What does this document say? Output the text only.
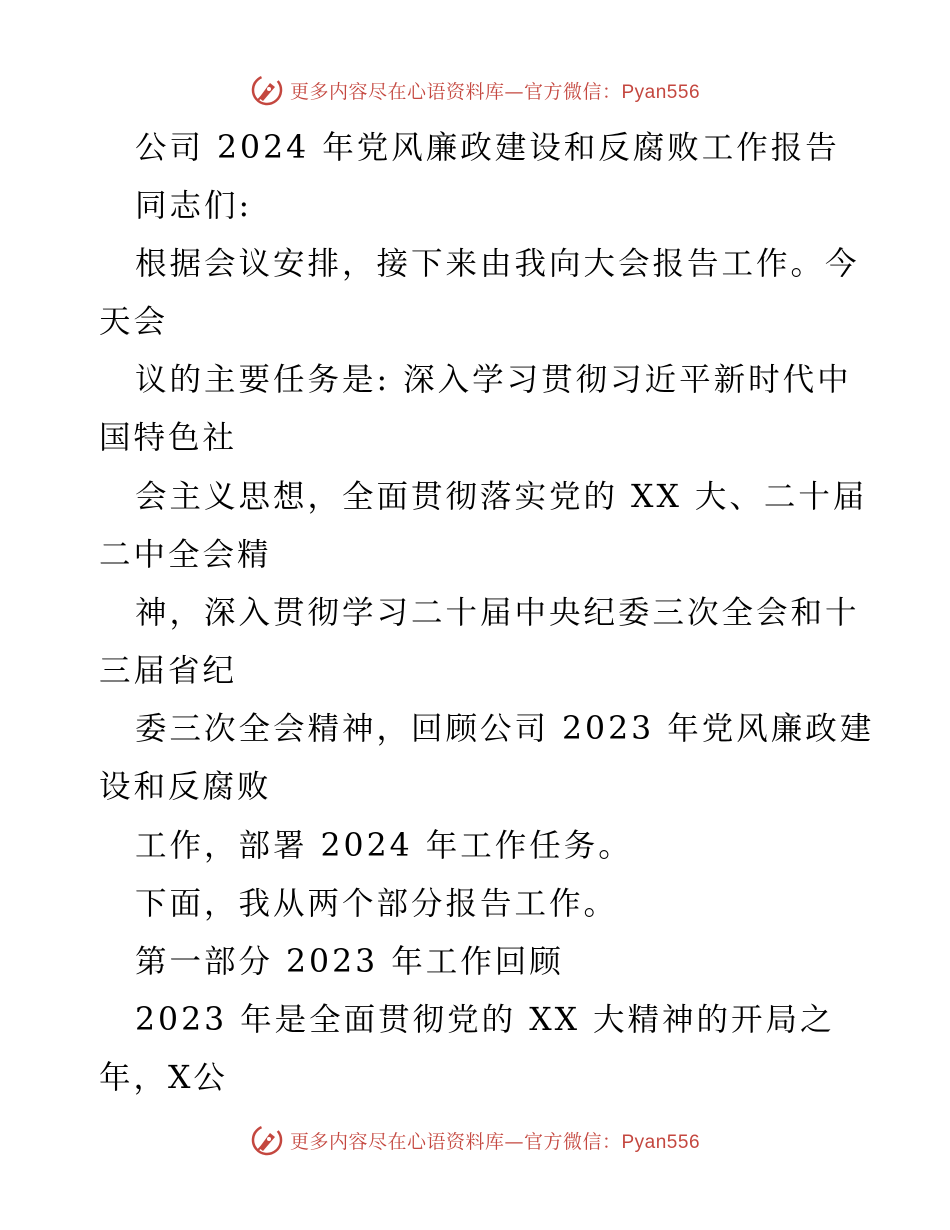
更多内容尽在心语资料库—官方微信：Pyan556
公司 2024 年党风廉政建设和反腐败工作报告
同志们:
根据会议安排，接下来由我向大会报告工作。今
天会
议的主要任务是: 深入学习贯彻习近平新时代中
国特色社
会主义思想，全面贯彻落实党的 XX 大、二十届
二中全会精
神，深入贯彻学习二十届中央纪委三次全会和十
三届省纪
委三次全会精神，回顾公司 2023 年党风廉政建
设和反腐败
工作，部署 2024 年工作任务。
下面，我从两个部分报告工作。
第一部分 2023 年工作回顾
2023 年是全面贯彻党的 XX 大精神的开局之
年，X公
更多内容尽在心语资料库—官方微信：Pyan556
